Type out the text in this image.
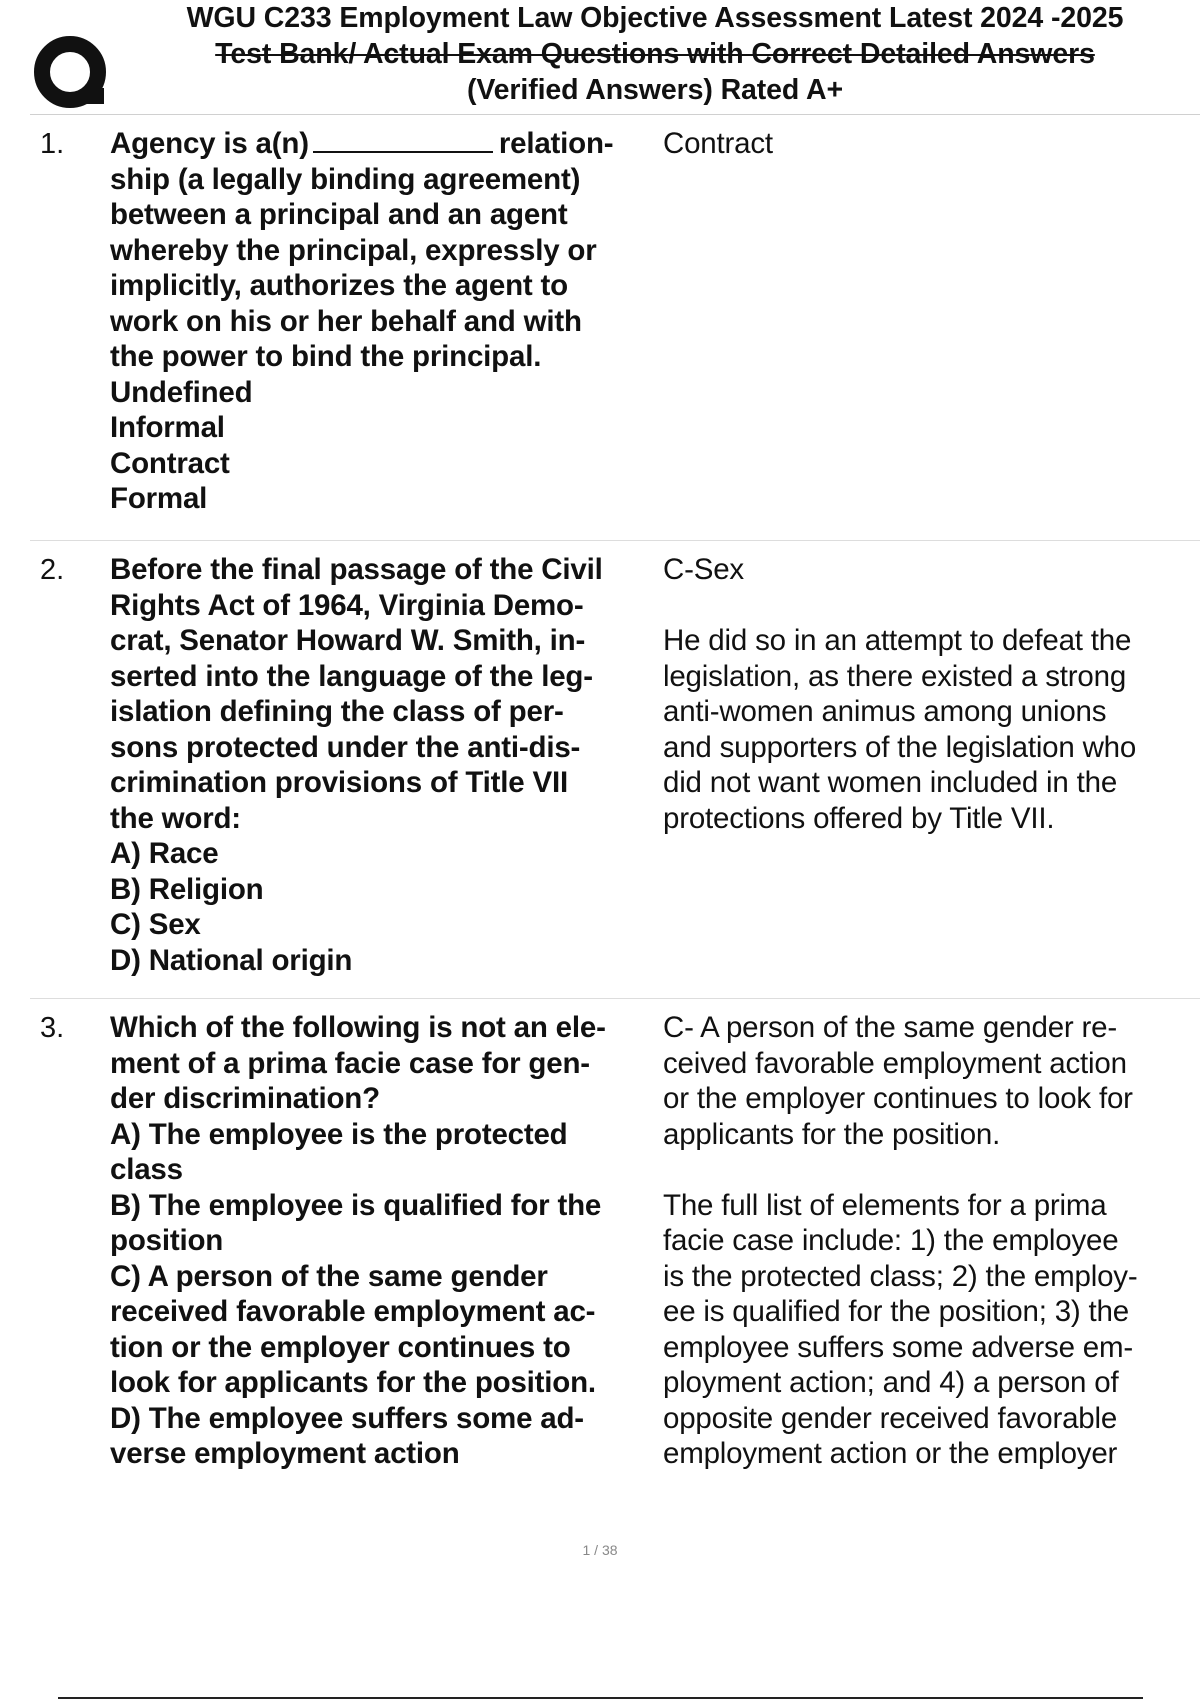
WGU C233 Employment Law Objective Assessment Latest 2024 -2025
Test Bank/ Actual Exam Questions with Correct Detailed Answers
(Verified Answers) Rated A+
1. Agency is a(n)	relation-
ship (a legally binding agreement)
between a principal and an agent
whereby the principal, expressly or
implicitly, authorizes the agent to
work on his or her behalf and with
the power to bind the principal.
Undefined
Informal
Contract
Formal
Contract
2. Before the final passage of the Civil
Rights Act of 1964, Virginia Demo-
crat, Senator Howard W. Smith, in-
serted into the language of the leg-
islation defining the class of per-
sons protected under the anti-dis-
crimination provisions of Title VII
the word:
A) Race
B) Religion
C) Sex
D) National origin
C-Sex
He did so in an attempt to defeat the
legislation, as there existed a strong
anti-women animus among unions
and supporters of the legislation who
did not want women included in the
protections offered by Title VII.
3. Which of the following is not an ele-
ment of a prima facie case for gen-
der discrimination?
A) The employee is the protected
class
B) The employee is qualified for the
position
C) A person of the same gender
received favorable employment ac-
tion or the employer continues to
look for applicants for the position.
D) The employee suffers some ad-
verse employment action
C- A person of the same gender re-
ceived favorable employment action
or the employer continues to look for
applicants for the position.
The full list of elements for a prima
facie case include: 1) the employee
is the protected class; 2) the employ-
ee is qualified for the position; 3) the
employee suffers some adverse em-
ployment action; and 4) a person of
opposite gender received favorable
employment action or the employer
1 / 38
